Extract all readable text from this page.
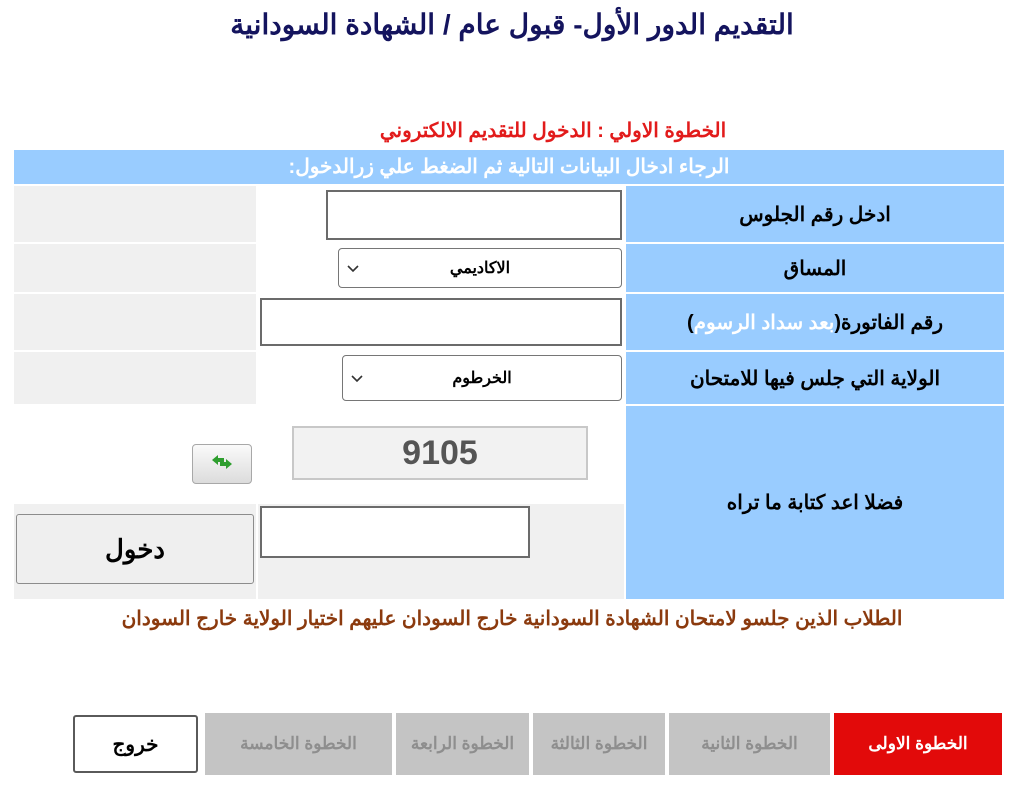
التقديم الدور الأول- قبول عام / الشهادة السودانية
الخطوة الاولي : الدخول للتقديم الالكتروني
الرجاء ادخال البيانات التالية ثم الضغط علي زرالدخول:
ادخل رقم الجلوس
المساق
الاكاديمي
رقم الفاتورة(بعد سداد الرسوم)
الولاية التي جلس فيها للامتحان
الخرطوم
فضلا اعد كتابة ما تراه
9105
دخول
الطلاب الذين جلسو لامتحان الشهادة السودانية خارج السودان عليهم اختيار الولاية خارج السودان
الخطوة الاولى
الخطوة الثانية
الخطوة الثالثة
الخطوة الرابعة
الخطوة الخامسة
خروج
